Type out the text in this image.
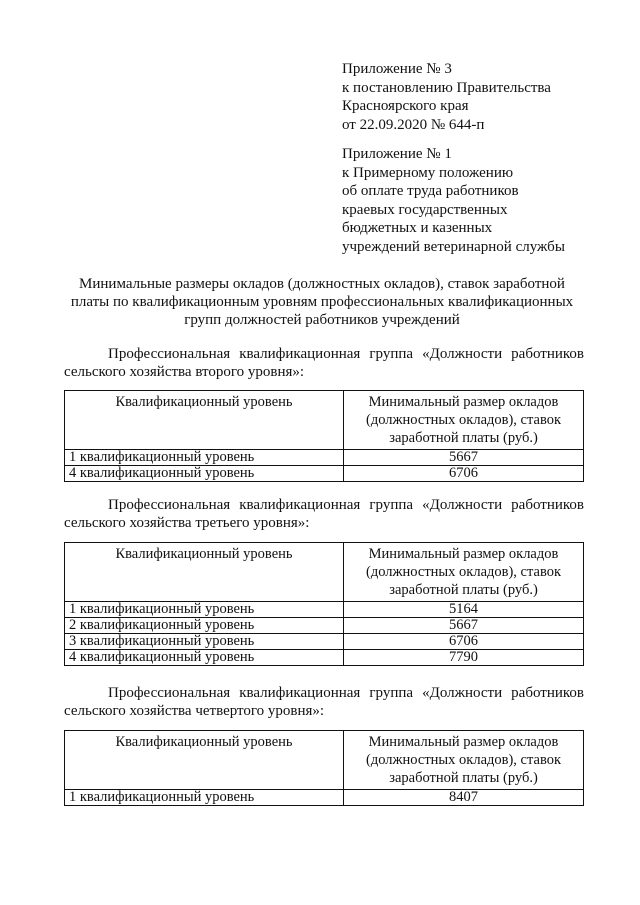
Приложение № 3
к постановлению Правительства
Красноярского края
от 22.09.2020 № 644-п
Приложение № 1
к Примерному положению
об оплате труда работников
краевых государственных
бюджетных и казенных
учреждений ветеринарной службы
Минимальные размеры окладов (должностных окладов), ставок заработной платы по квалификационным уровням профессиональных квалификационных групп должностей работников учреждений
Профессиональная квалификационная группа «Должности работников сельского хозяйства второго уровня»:
Квалификационный уровень	Минимальный размер окладов (должностных окладов), ставок заработной платы (руб.)
1 квалификационный уровень	5667
4 квалификационный уровень	6706
Профессиональная квалификационная группа «Должности работников сельского хозяйства третьего уровня»:
Квалификационный уровень	Минимальный размер окладов (должностных окладов), ставок заработной платы (руб.)
1 квалификационный уровень	5164
2 квалификационный уровень	5667
3 квалификационный уровень	6706
4 квалификационный уровень	7790
Профессиональная квалификационная группа «Должности работников сельского хозяйства четвертого уровня»:
Квалификационный уровень	Минимальный размер окладов (должностных окладов), ставок заработной платы (руб.)
1 квалификационный уровень	8407
